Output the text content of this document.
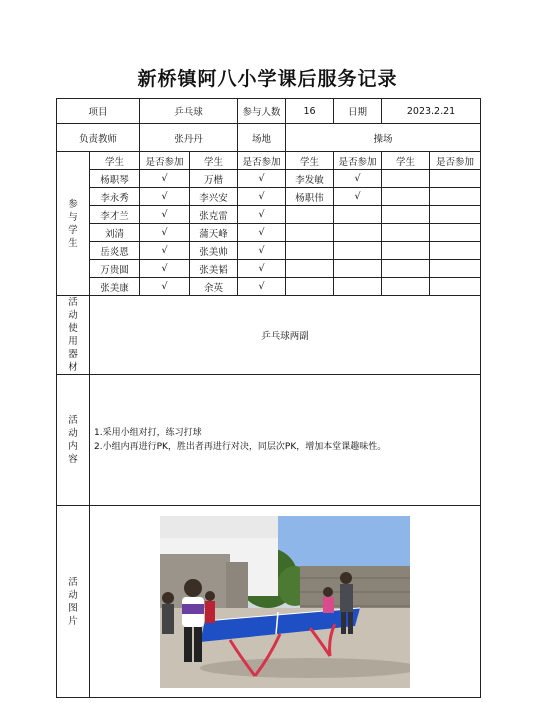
新桥镇阿八小学课后服务记录
项目		乒乓球		参与人数	16	日期	2023.2.21	
负责教师		张丹丹		场地	操场			

参与学生	学生	是否参加	学生	是否参加	学生	是否参加	学生	是否参加
	杨职琴	√	万楷	√	李发敏	√		
	李永秀	√	李兴安	√	杨职伟	√		
	李才兰	√	张克雷	√				
	刘清	√	蒲天峰	√				
	岳炎恩	√	张美帅	√				
	万贵圆	√	张美韬	√				
	张美康	√	余英	√				

活动使用器材	乒乓球两副							

活动内容	1.采用小组对打，练习打球
2.小组内再进行PK，胜出者再进行对决，同层次PK，增加本堂课趣味性。							

活动图片
